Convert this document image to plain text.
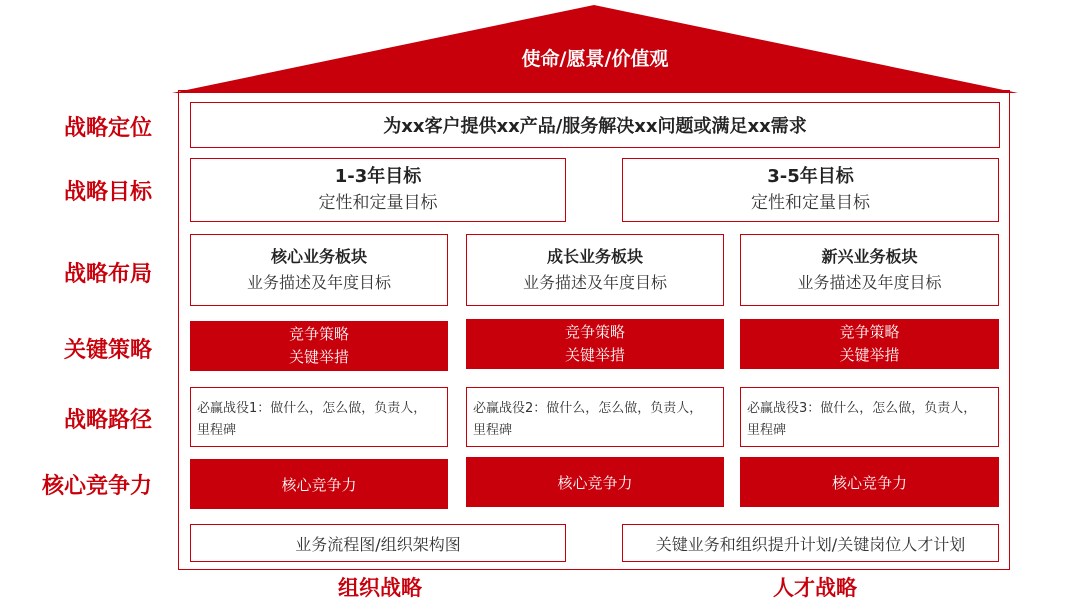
使命/愿景/价值观
战略定位
战略目标
战略布局
关键策略
战略路径
核心竞争力
为xx客户提供xx产品/服务解决xx问题或满足xx需求
1-3年目标
定性和定量目标
3-5年目标
定性和定量目标
核心业务板块
业务描述及年度目标
成长业务板块
业务描述及年度目标
新兴业务板块
业务描述及年度目标
竞争策略
关键举措
竞争策略
关键举措
竞争策略
关键举措
必赢战役1：做什么，怎么做，负责人，
里程碑
必赢战役2：做什么，怎么做，负责人，
里程碑
必赢战役3：做什么，怎么做，负责人，
里程碑
核心竞争力	核心竞争力	核心竞争力
业务流程图/组织架构图	关键业务和组织提升计划/关键岗位人才计划
组织战略	人才战略
